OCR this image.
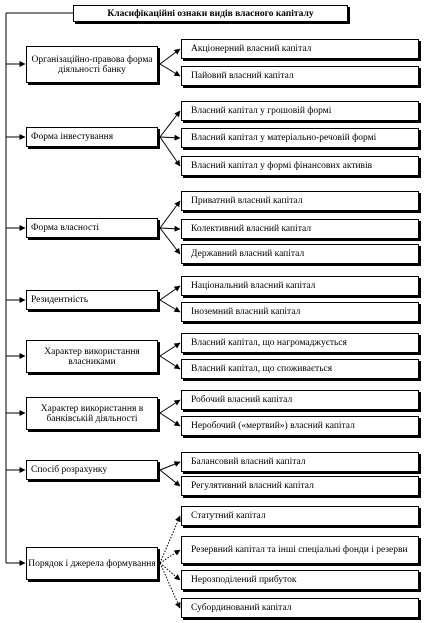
Класифікаційні ознаки видів власного капіталу
Організаційно-правова форма діяльності банку
Акціонерний власний капітал
Пайовий власний капітал
Форма інвестування
Власний капітал у грошовій формі
Власний капітал у матеріально-речовій формі
Власний капітал у формі фінансових активів
Форма власності
Приватний власний капітал
Колективний власний капітал
Державний власний капітал
Резидентність
Національний власний капітал
Іноземний власний капітал
Характер використання власниками
Власний капітал, що нагромаджується
Власний капітал, що споживається
Характер використання в банківській діяльності
Робочий власний капітал
Неробочий («мертвий») власний капітал
Спосіб розрахунку
Балансовий власний капітал
Регулятивний власний капітал
Порядок і джерела формування
Статутний капітал
Резервний капітал та інші спеціальні фонди і резерви
Нерозподілений прибуток
Субординований капітал
